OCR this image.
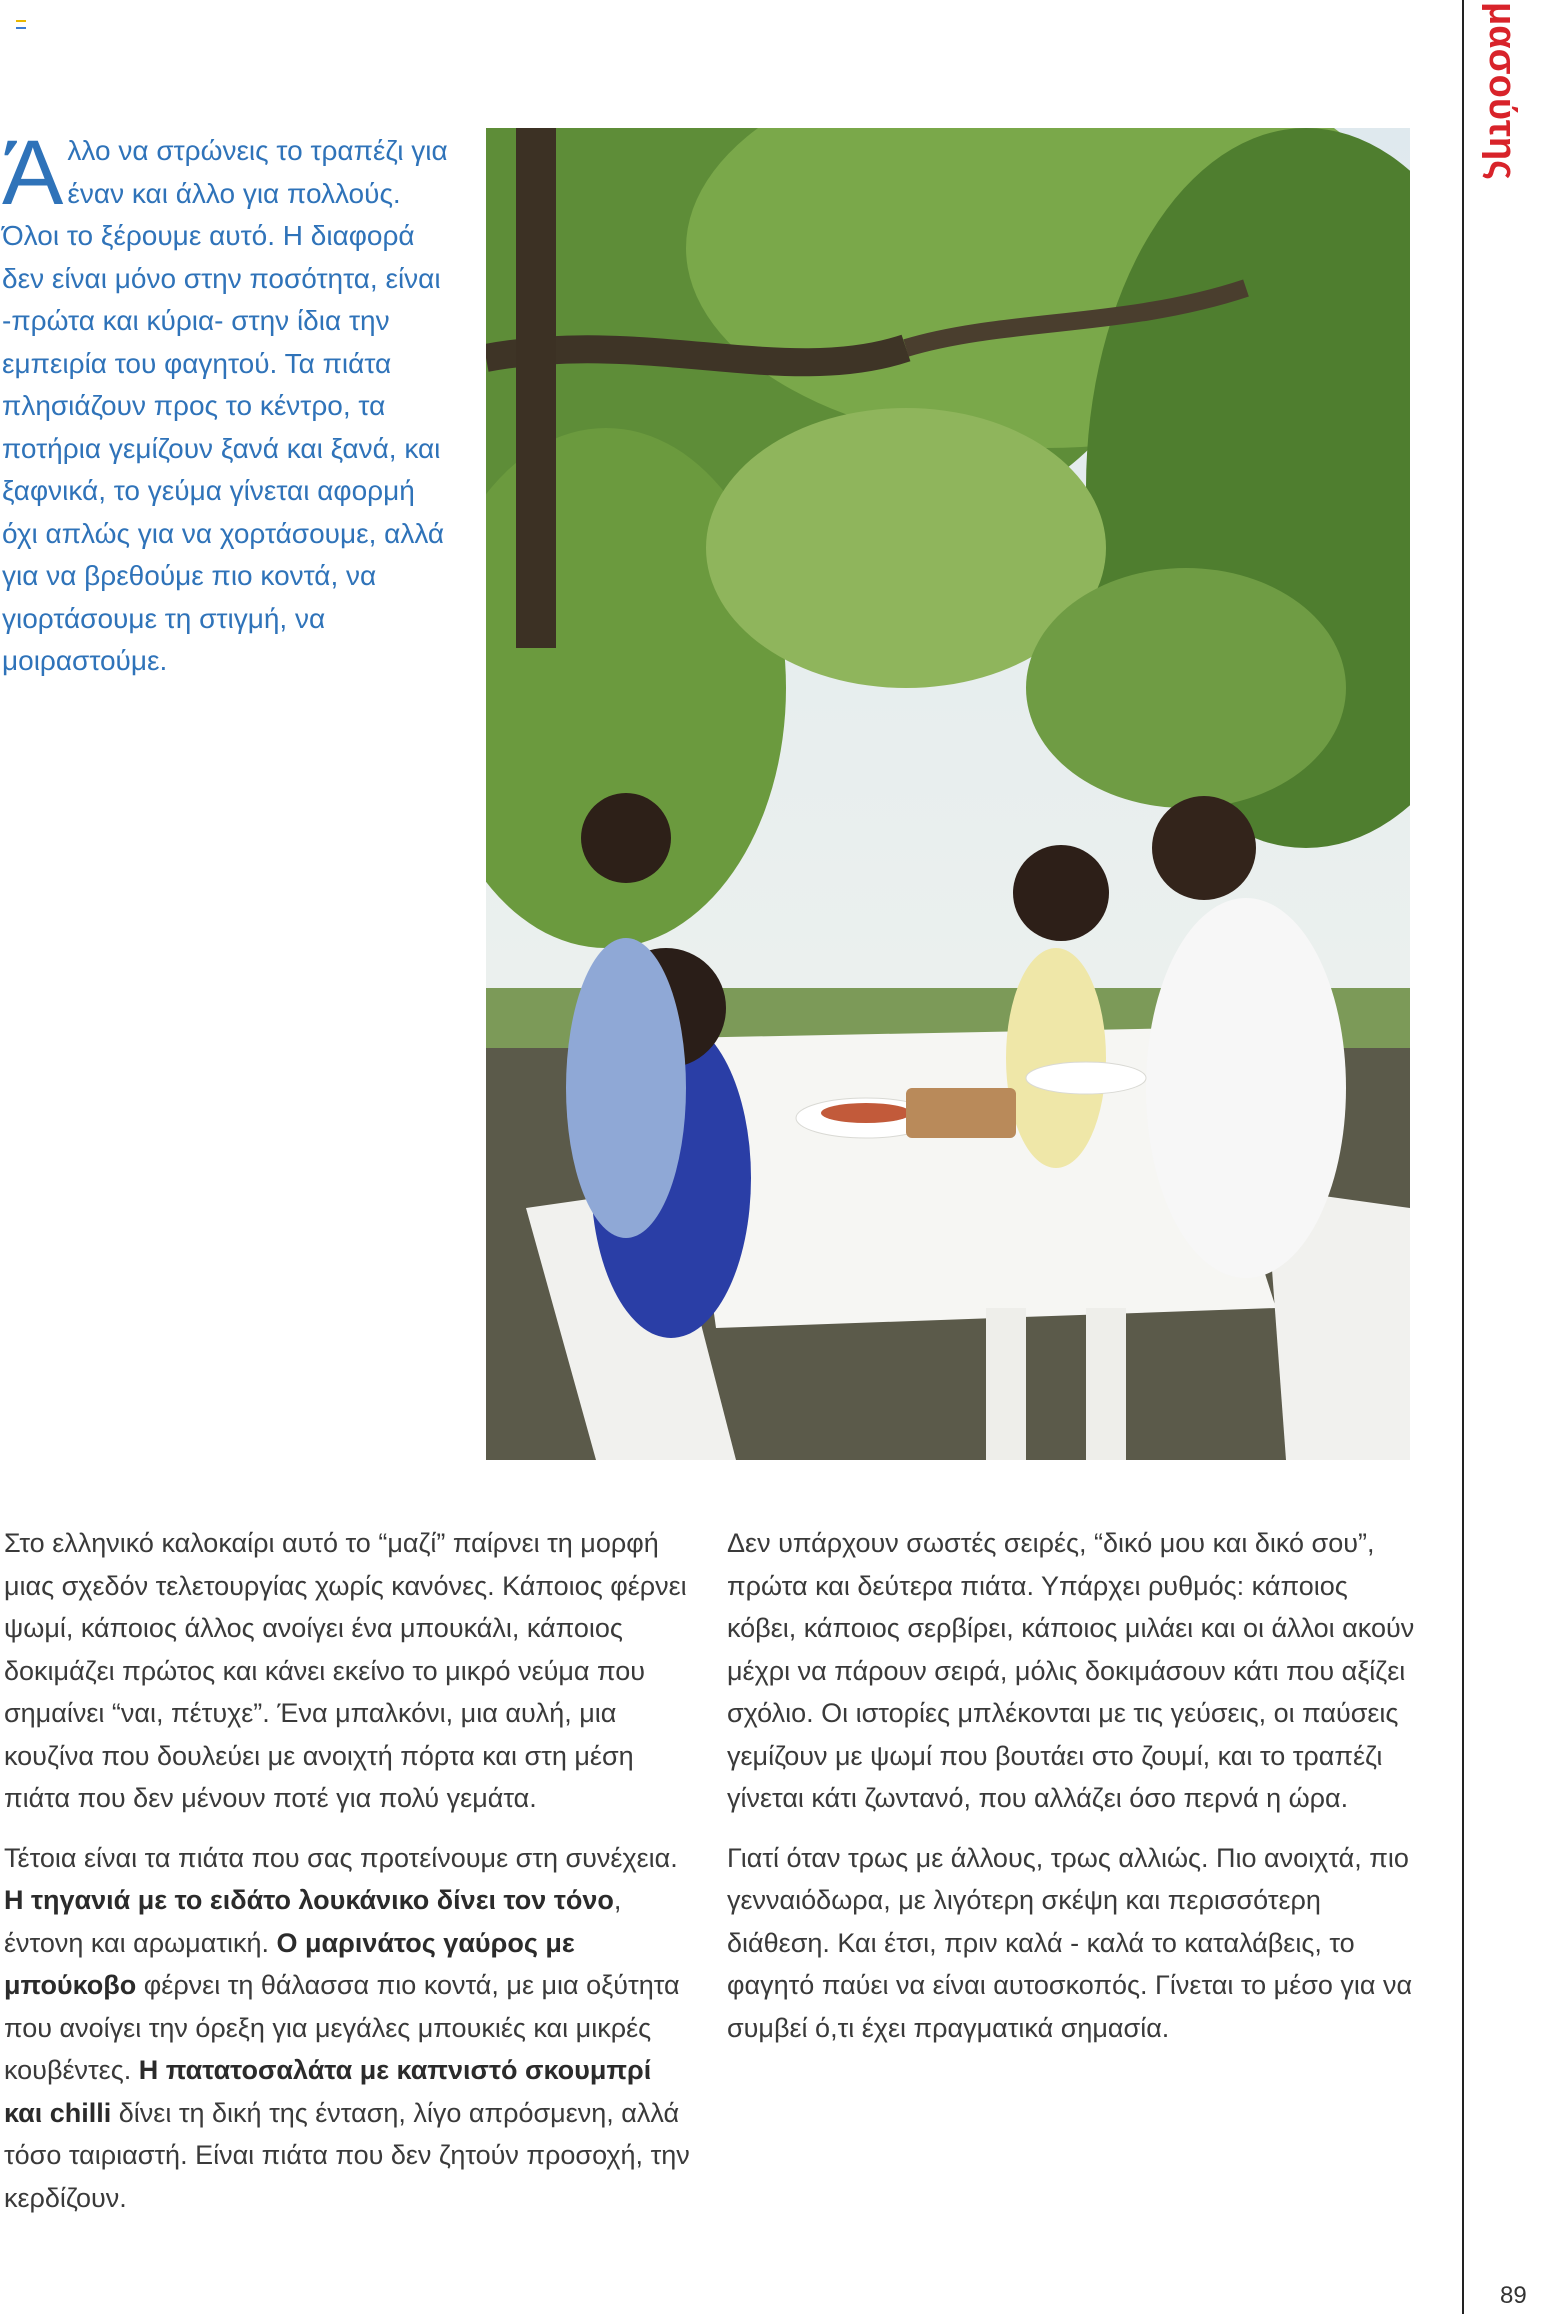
Άλλο να στρώνεις το τραπέζι για έναν και άλλο για πολλούς. Όλοι το ξέρουμε αυτό. Η διαφορά δεν είναι μόνο στην ποσότητα, είναι -πρώτα και κύρια- στην ίδια την εμπειρία του φαγητού. Τα πιάτα πλησιάζουν προς το κέντρο, τα ποτήρια γεμίζουν ξανά και ξανά, και ξαφνικά, το γεύμα γίνεται αφορμή όχι απλώς για να χορτάσουμε, αλλά για να βρεθούμε πιο κοντά, να γιορτάσουμε τη στιγμή, να μοιραστούμε.

Στο ελληνικό καλοκαίρι αυτό το “μαζί” παίρνει τη μορφή μιας σχεδόν τελετουργίας χωρίς κανόνες. Κάποιος φέρνει ψωμί, κάποιος άλλος ανοίγει ένα μπουκάλι, κάποιος δοκιμάζει πρώτος και κάνει εκείνο το μικρό νεύμα που σημαίνει “ναι, πέτυχε”. Ένα μπαλκόνι, μια αυλή, μια κουζίνα που δουλεύει με ανοιχτή πόρτα και στη μέση πιάτα που δεν μένουν ποτέ για πολύ γεμάτα.

Τέτοια είναι τα πιάτα που σας προτείνουμε στη συνέχεια. Η τηγανιά με το ειδάτο λουκάνικο δίνει τον τόνο, έντονη και αρωματική. Ο μαρινάτος γαύρος με μπούκοβο φέρνει τη θάλασσα πιο κοντά, με μια οξύτητα που ανοίγει την όρεξη για μεγάλες μπουκιές και μικρές κουβέντες. Η πατατοσαλάτα με καπνιστό σκουμπρί και chilli δίνει τη δική της ένταση, λίγο απρόσμενη, αλλά τόσο ταιριαστή. Είναι πιάτα που δεν ζητούν προσοχή, την κερδίζουν.

Δεν υπάρχουν σωστές σειρές, “δικό μου και δικό σου”, πρώτα και δεύτερα πιάτα. Υπάρχει ρυθμός: κάποιος κόβει, κάποιος σερβίρει, κάποιος μιλάει και οι άλλοι ακούν μέχρι να πάρουν σειρά, μόλις δοκιμάσουν κάτι που αξίζει σχόλιο. Οι ιστορίες μπλέκονται με τις γεύσεις, οι παύσεις γεμίζουν με ψωμί που βουτάει στο ζουμί, και το τραπέζι γίνεται κάτι ζωντανό, που αλλάζει όσο περνά η ώρα.

Γιατί όταν τρως με άλλους, τρως αλλιώς. Πιο ανοιχτά, πιο γενναιόδωρα, με λιγότερη σκέψη και περισσότερη διάθεση. Και έτσι, πριν καλά - καλά το καταλάβεις, το φαγητό παύει να είναι αυτοσκοπός. Γίνεται το μέσο για να συμβεί ό,τι έχει πραγματικά σημασία.

μασούτης
89
